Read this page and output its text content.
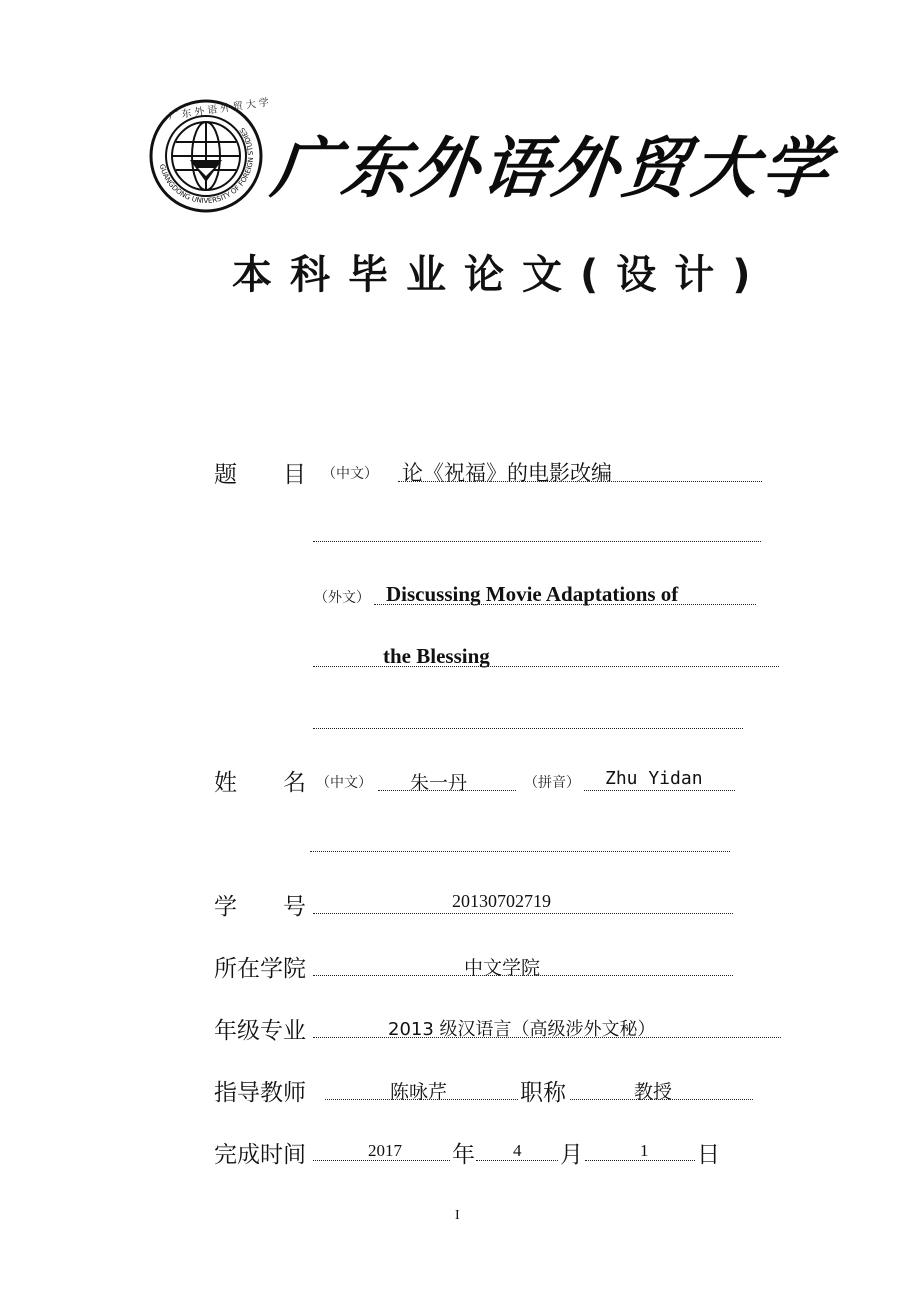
GUANGDONG UNIVERSITY OF FOREIGN STUDIES
广东外语外贸大学
广东外语外贸大学
本科毕业论文(设计)
题　　目 （中文） 论《祝福》的电影改编
（外文） Discussing Movie Adaptations of
the Blessing
姓　　名 （中文） 朱一丹	（拼音） Zhu Yidan
学　　号	20130702719
所在学院	中文学院
年级专业	2013 级汉语言（高级涉外文秘）
指导教师	陈咏芹	职称	教授
完成时间	2017 年 4 月	1 日
I
